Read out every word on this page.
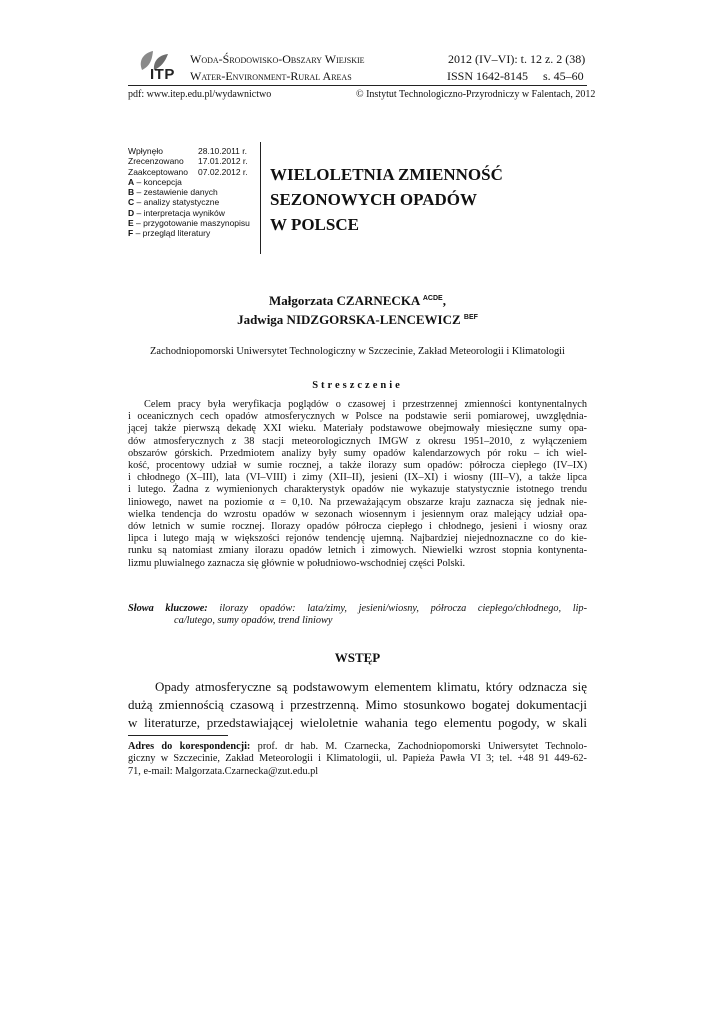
ITP
Woda-Środowisko-Obszary Wiejskie	2012 (IV–VI): t. 12 z. 2 (38)
Water-Environment-Rural Areas	ISSN 1642-8145 s. 45–60
pdf: www.itep.edu.pl/wydawnictwo	© Instytut Technologiczno-Przyrodniczy w Falentach, 2012
Wpłynęło	28.10.2011 r.
Zrecenzowano	17.01.2012 r.
Zaakceptowano	07.02.2012 r.
A – koncepcja
B – zestawienie danych
C – analizy statystyczne
D – interpretacja wyników
E – przygotowanie maszynopisu
F – przegląd literatury
WIELOLETNIA ZMIENNOŚĆ
SEZONOWYCH OPADÓW
W POLSCE
Małgorzata CZARNECKA $^{ACDE}$,
Jadwiga NIDZGORSKA-LENCEWICZ $^{BEF}$
Zachodniopomorski Uniwersytet Technologiczny w Szczecinie, Zakład Meteorologii i Klimatologii
Streszczenie
Celem pracy była weryfikacja poglądów o czasowej i przestrzennej zmienności kontynentalnych
i oceanicznych cech opadów atmosferycznych w Polsce na podstawie serii pomiarowej, uwzględnia-
jącej także pierwszą dekadę XXI wieku. Materiały podstawowe obejmowały miesięczne sumy opa-
dów atmosferycznych z 38 stacji meteorologicznych IMGW z okresu 1951–2010, z wyłączeniem
obszarów górskich. Przedmiotem analizy były sumy opadów kalendarzowych pór roku – ich wiel-
kość, procentowy udział w sumie rocznej, a także ilorazy sum opadów: półrocza ciepłego (IV–IX)
i chłodnego (X–III), lata (VI–VIII) i zimy (XII–II), jesieni (IX–XI) i wiosny (III–V), a także lipca
i lutego. Żadna z wymienionych charakterystyk opadów nie wykazuje statystycznie istotnego trendu
liniowego, nawet na poziomie α = 0,10. Na przeważającym obszarze kraju zaznacza się jednak nie-
wielka tendencja do wzrostu opadów w sezonach wiosennym i jesiennym oraz malejący udział opa-
dów letnich w sumie rocznej. Ilorazy opadów półrocza ciepłego i chłodnego, jesieni i wiosny oraz
lipca i lutego mają w większości rejonów tendencję ujemną. Najbardziej niejednoznaczne co do kie-
runku są natomiast zmiany ilorazu opadów letnich i zimowych. Niewielki wzrost stopnia kontynenta-
lizmu pluwialnego zaznacza się głównie w południowo-wschodniej części Polski.
Słowa kluczowe: ilorazy opadów: lata/zimy, jesieni/wiosny, półrocza ciepłego/chłodnego, lip-
ca/lutego, sumy opadów, trend liniowy
WSTĘP
Opady atmosferyczne są podstawowym elementem klimatu, który odznacza się
dużą zmiennością czasową i przestrzenną. Mimo stosunkowo bogatej dokumentacji
w literaturze, przedstawiającej wieloletnie wahania tego elementu pogody, w skali
Adres do korespondencji: prof. dr hab. M. Czarnecka, Zachodniopomorski Uniwersytet Technolo-
giczny w Szczecinie, Zakład Meteorologii i Klimatologii, ul. Papieża Pawła VI 3; tel. +48 91 449-62-
71, e-mail: Malgorzata.Czarnecka@zut.edu.pl
